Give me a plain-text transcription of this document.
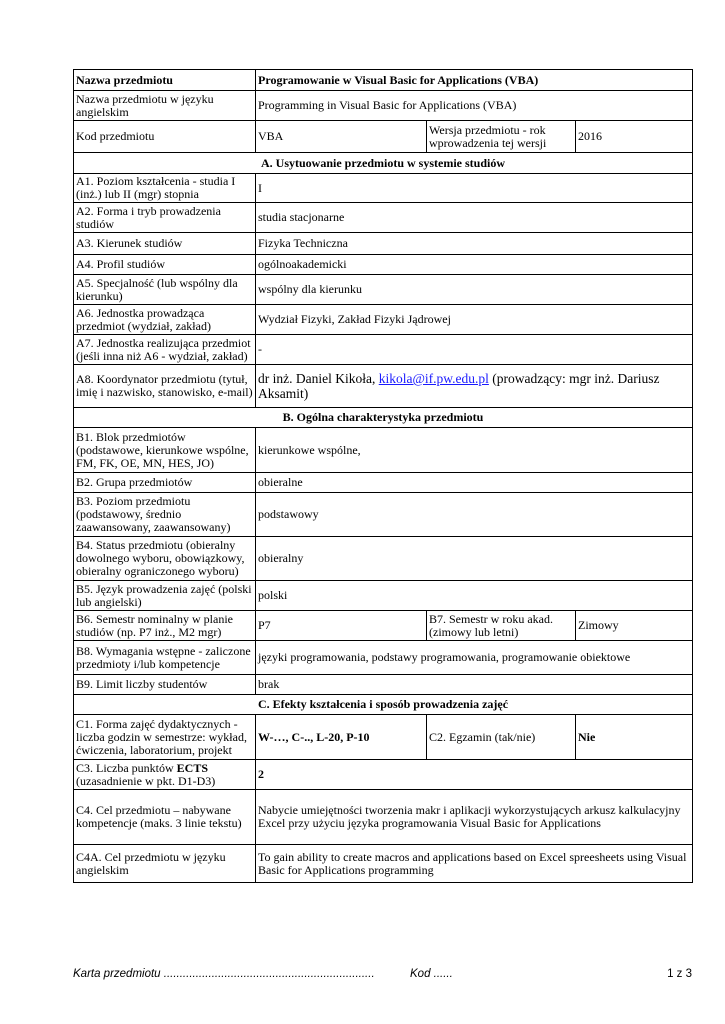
Nazwa przedmiotu	Programowanie w Visual Basic for Applications (VBA)		
Nazwa przedmiotu w języku angielskim	Programming in Visual Basic for Applications (VBA)		
Kod przedmiotu	VBA	Wersja przedmiotu - rok wprowadzenia tej wersji	2016
A. Usytuowanie przedmiotu w systemie studiów			
A1. Poziom kształcenia - studia I (inż.) lub II (mgr) stopnia	I		
A2. Forma i tryb prowadzenia studiów	studia stacjonarne		
A3. Kierunek studiów	Fizyka Techniczna		
A4. Profil studiów	ogólnoakademicki		
A5. Specjalność (lub wspólny dla kierunku)	wspólny dla kierunku		
A6. Jednostka prowadząca przedmiot (wydział, zakład)	Wydział Fizyki, Zakład Fizyki Jądrowej		
A7. Jednostka realizująca przedmiot (jeśli inna niż A6 - wydział, zakład)	-		
A8. Koordynator przedmiotu (tytuł, imię i nazwisko, stanowisko, e-mail)	dr inż. Daniel Kikoła, kikola@if.pw.edu.pl (prowadzący: mgr inż. Dariusz Aksamit)		
B. Ogólna charakterystyka przedmiotu			
B1. Blok przedmiotów (podstawowe, kierunkowe wspólne, FM, FK, OE, MN, HES, JO)	kierunkowe wspólne,		
B2. Grupa przedmiotów	obieralne		
B3. Poziom przedmiotu (podstawowy, średnio zaawansowany, zaawansowany)	podstawowy		
B4. Status przedmiotu (obieralny dowolnego wyboru, obowiązkowy, obieralny ograniczonego wyboru)	obieralny		
B5. Język prowadzenia zajęć (polski lub angielski)	polski		
B6. Semestr nominalny w planie studiów (np. P7 inż., M2 mgr)	P7	B7. Semestr w roku akad. (zimowy lub letni)	Zimowy
B8. Wymagania wstępne - zaliczone przedmioty i/lub kompetencje	języki programowania, podstawy programowania, programowanie obiektowe		
B9. Limit liczby studentów	brak		
C. Efekty kształcenia i sposób prowadzenia zajęć			
C1. Forma zajęć dydaktycznych - liczba godzin w semestrze: wykład, ćwiczenia, laboratorium, projekt	W-…, C-.., L-20, P-10	C2. Egzamin (tak/nie)	Nie
C3. Liczba punktów ECTS (uzasadnienie w pkt. D1-D3)	2		
C4. Cel przedmiotu – nabywane kompetencje (maks. 3 linie tekstu)	Nabycie umiejętności tworzenia makr i aplikacji wykorzystujących arkusz kalkulacyjny Excel przy użyciu języka programowania Visual Basic for Applications		
C4A. Cel przedmiotu w języku angielskim	To gain ability to create macros and applications based on Excel spreesheets using Visual Basic for Applications programming		
Karta przedmiotu ..................................................................	Kod ......	1 z 3
